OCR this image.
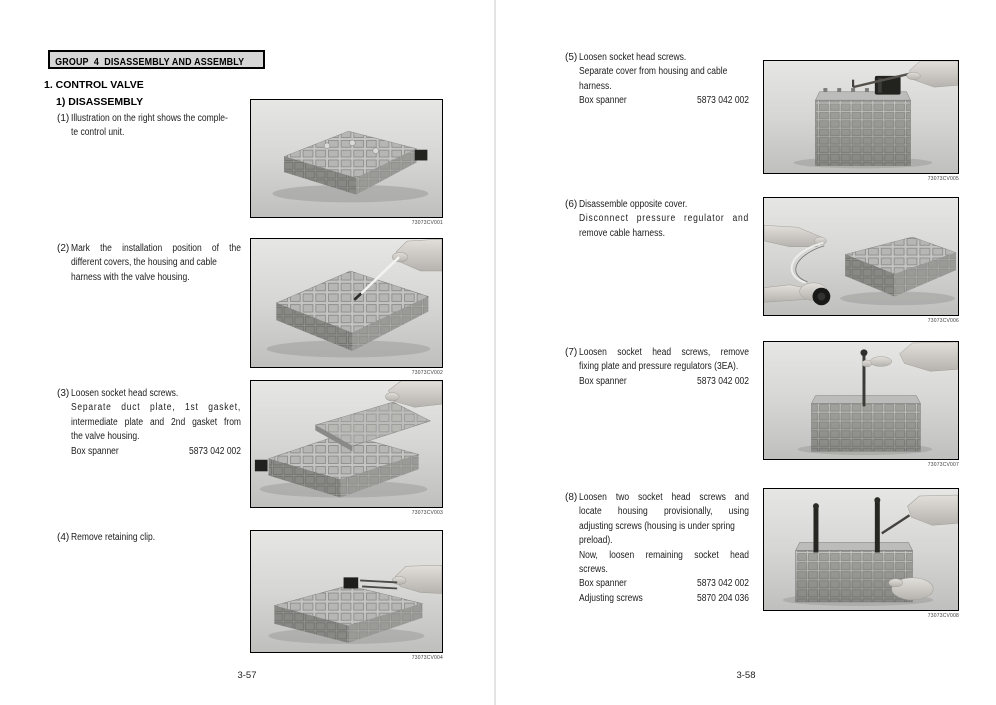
GROUP  4  DISASSEMBLY AND ASSEMBLY
1. CONTROL VALVE
1) DISASSEMBLY
(1) Illustration on the right shows the comple-
te control unit.
(2) Mark the installation position of the
different covers, the housing and cable
harness with the valve housing.
(3) Loosen socket head screws.
Separate duct plate, 1st gasket,
intermediate plate and 2nd gasket from
the valve housing.
Box spanner	5873 042 002
(4) Remove retaining clip.
73073CV001
73073CV002
73073CV003
73073CV004
3-57
(5) Loosen socket head screws.
Separate cover from housing and cable
harness.
Box spanner	5873 042 002
(6) Disassemble opposite cover.
Disconnect pressure regulator and
remove cable harness.
(7) Loosen socket head screws, remove
fixing plate and pressure regulators (3EA).
Box spanner	5873 042 002
(8) Loosen two socket head screws and
locate housing provisionally, using
adjusting screws (housing is under spring
preload).
Now, loosen remaining socket head
screws.
Box spanner	5873 042 002
Adjusting screws	5870 204 036
73073CV005
73073CV006
73073CV007
73073CV008
3-58
